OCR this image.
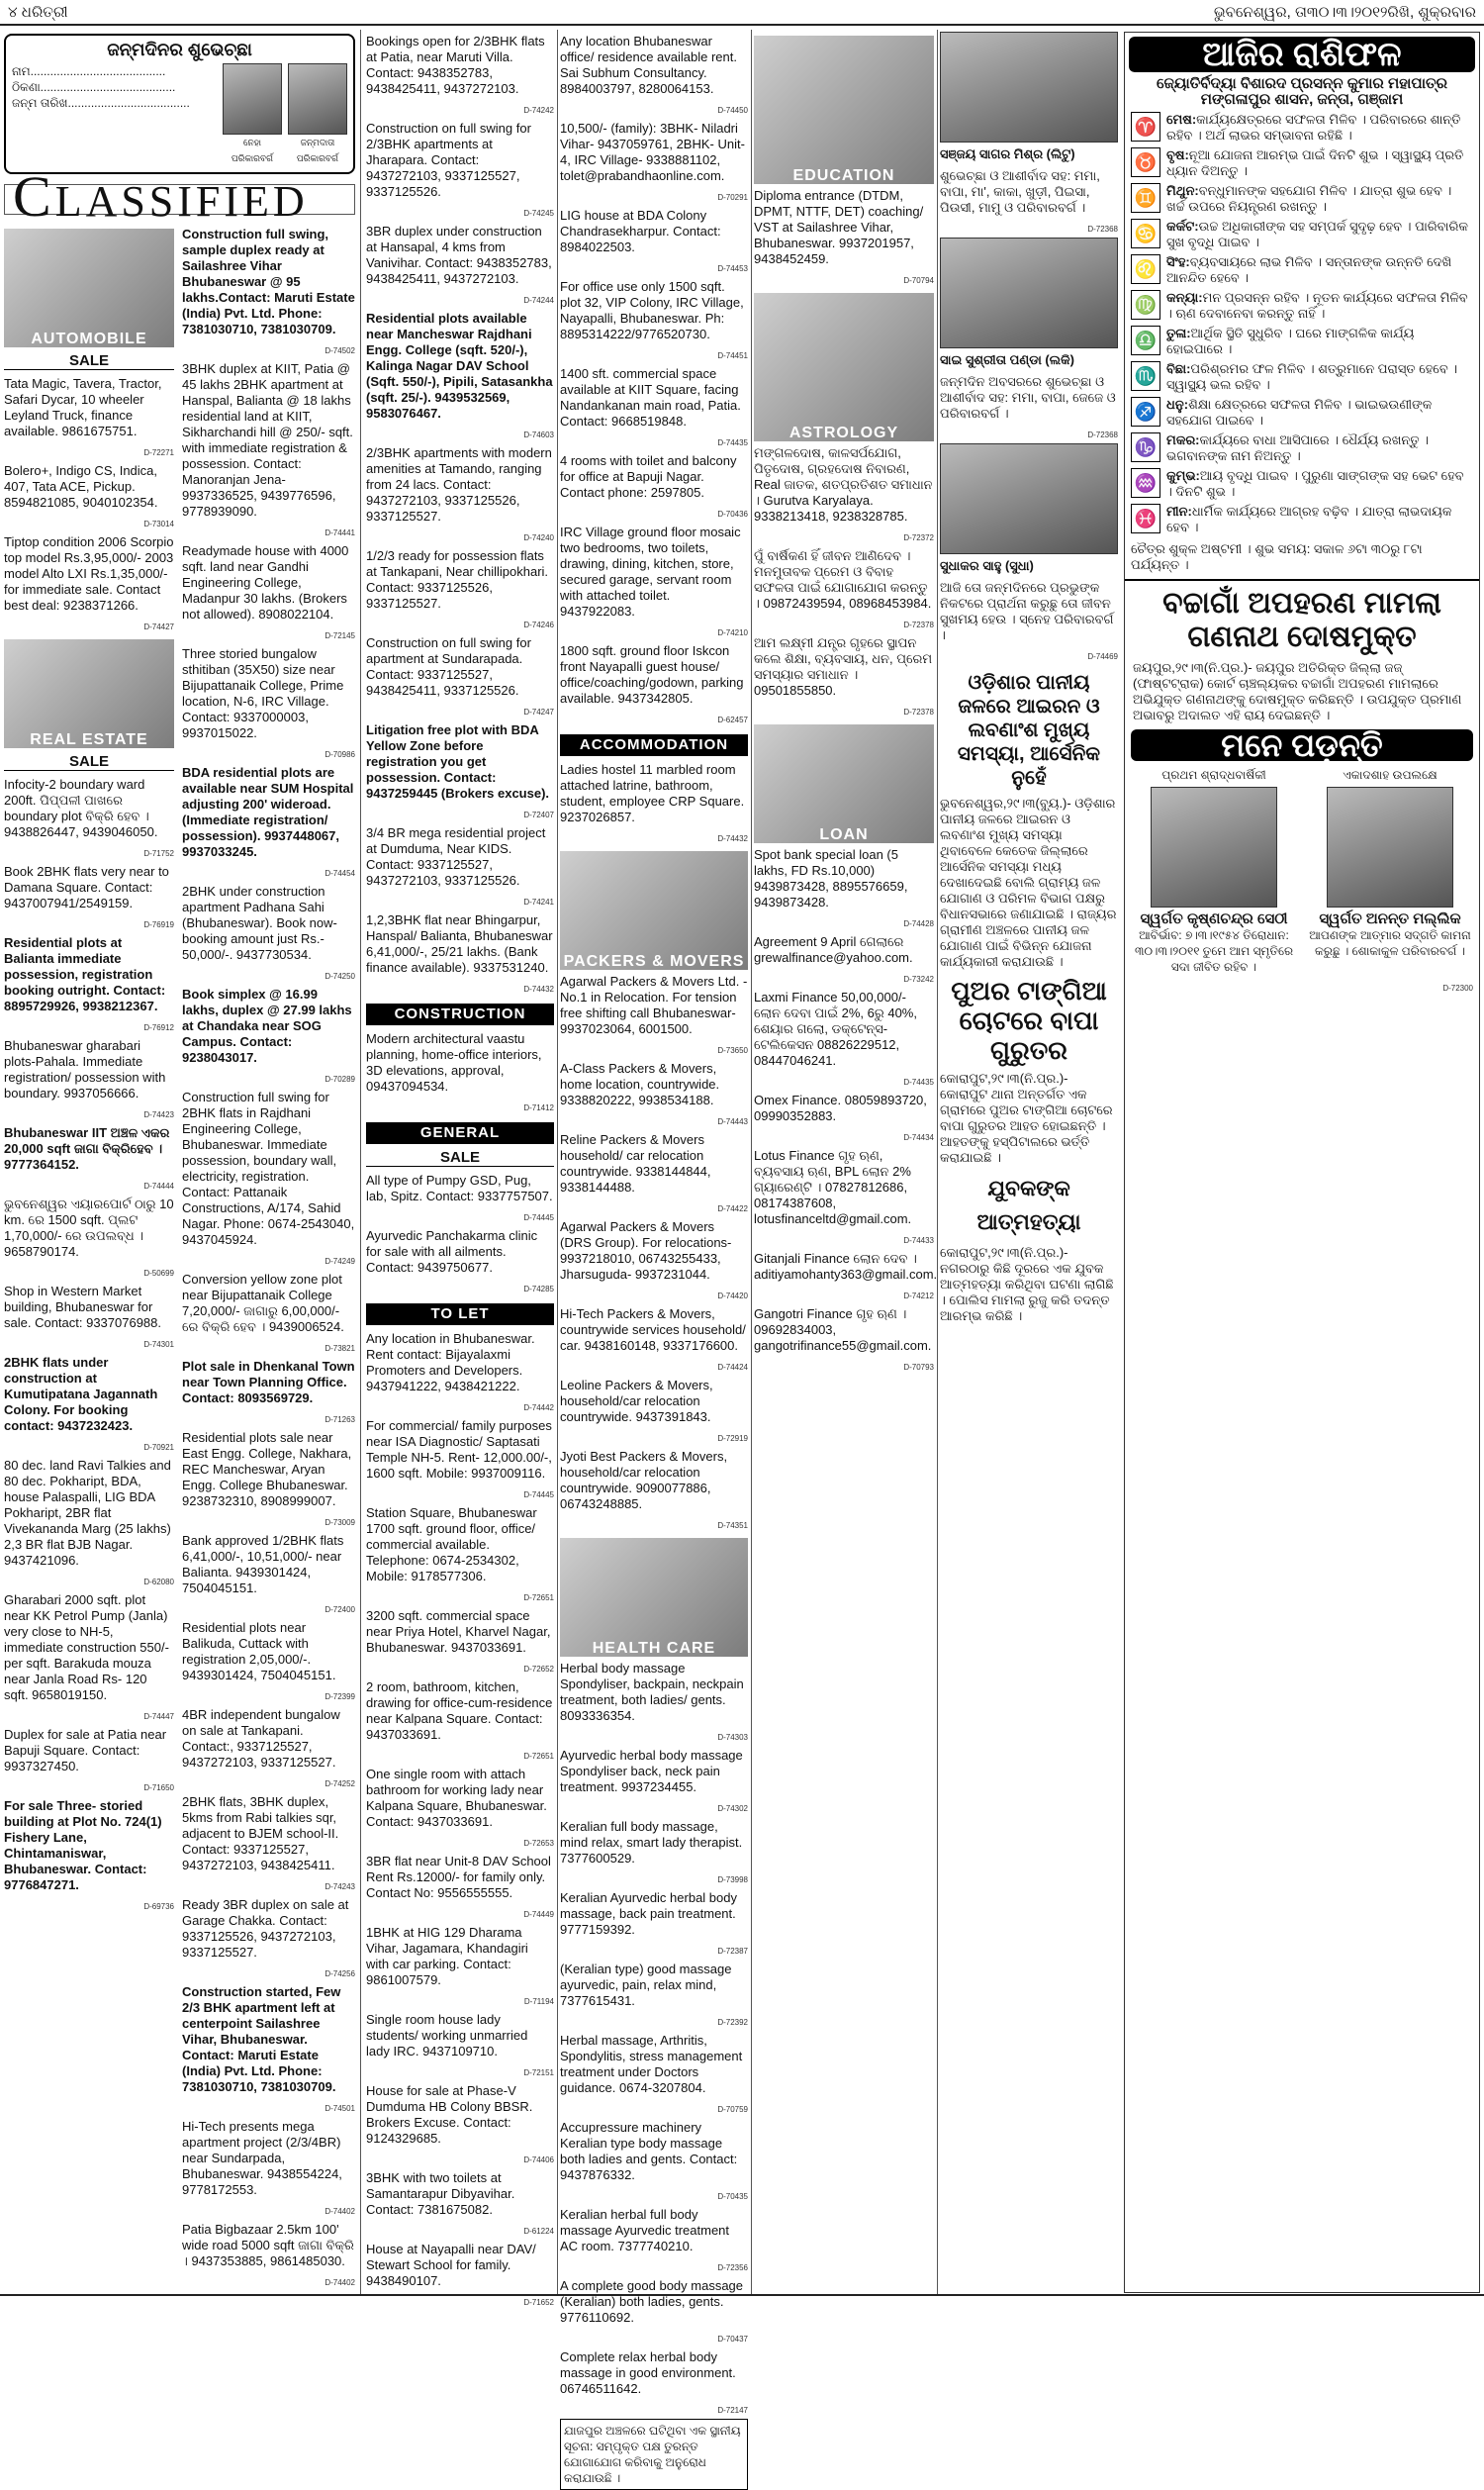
୪ ଧରିତ୍ରୀ	ଭୁବନେଶ୍ୱର, ତା୩୦।୩।୨୦୧୨ରିଖି, ଶୁକ୍ରବାର
ଜନ୍ମଦିନର ଶୁଭେଚ୍ଛା
ନାମ.........................................
ଠିକଣା.........................................
ଜନ୍ମ ତାରିଖ.....................................
ନେହା ପରିକାରବର୍ଗ
ଜନ୍ମଦାତା ପରିକାରବର୍ଗ
CLASSIFIED
AUTOMOBILE
SALE
Tata Magic, Tavera, Tractor, Safari Dycar, 10 wheeler Leyland Truck, finance available. 9861675751.
D-72271
Bolero+, Indigo CS, Indica, 407, Tata ACE, Pickup. 8594821085, 9040102354.
D-73014
Tiptop condition 2006 Scorpio top model Rs.3,95,000/- 2003 model Alto LXI Rs.1,35,000/- for immediate sale. Contact best deal: 9238371266.
D-74427
REAL ESTATE
SALE
Infocity-2 boundary ward 200ft. ପିପ୍ପଳୀ ପାଖରେ boundary plot ବିକ୍ରି ହେବ । 9438826447, 9439046050.
D-71752
Book 2BHK flats very near to Damana Square. Contact: 9437007941/2549159.
D-76919
Residential plots at Balianta immediate possession, registration booking outright. Contact: 8895729926, 9938212367.
D-76912
Bhubaneswar gharabari plots-Pahala. Immediate registration/ possession with boundary. 9937056666.
D-74423
Bhubaneswar IIT ଅଞ୍ଚଳ ଏକର 20,000 sqft ଜାଗା ବିକ୍ରିହେବ । 9777364152.
D-74444
ଭୁବନେଶ୍ୱର ଏୟାରପୋର୍ଟ ଠାରୁ 10 km. ରେ 1500 sqft. ପ୍ଲଟ 1,70,000/- ରେ ଉପଲବ୍ଧ । 9658790174.
D-50699
Shop in Western Market building, Bhubaneswar for sale. Contact: 9337076988.
D-74301
2BHK flats under construction at Kumutipatana Jagannath Colony. For booking contact: 9437232423.
D-70921
80 dec. land Ravi Talkies and 80 dec. Pokhaript, BDA, house Palaspalli, LIG BDA Pokhaript, 2BR flat Vivekananda Marg (25 lakhs) 2,3 BR flat BJB Nagar. 9437421096.
D-62080
Gharabari 2000 sqft. plot near KK Petrol Pump (Janla) very close to NH-5, immediate construction 550/- per sqft. Barakuda mouza near Janla Road Rs- 120 sqft. 9658019150.
D-74447
Duplex for sale at Patia near Bapuji Square. Contact: 9937327450.
D-71650
For sale Three- storied building at Plot No. 724(1) Fishery Lane, Chintamaniswar, Bhubaneswar. Contact: 9776847271.
D-69736
Construction full swing, sample duplex ready at Sailashree Vihar Bhubaneswar @ 95 lakhs.Contact: Maruti Estate (India) Pvt. Ltd. Phone: 7381030710, 7381030709.
D-74502
3BHK duplex at KIIT, Patia @ 45 lakhs 2BHK apartment at Hanspal, Balianta @ 18 lakhs residential land at KIIT, Sikharchandi hill @ 250/- sqft. with immediate registration & possession. Contact: Manoranjan Jena- 9937336525, 9439776596, 9778939090.
D-74441
Readymade house with 4000 sqft. land near Gandhi Engineering College, Madanpur 30 lakhs. (Brokers not allowed). 8908022104.
D-72145
Three storied bungalow sthitiban (35X50) size near Bijupattanaik College, Prime location, N-6, IRC Village. Contact: 9337000003, 9937015022.
D-70986
BDA residential plots are available near SUM Hospital adjusting 200' wideroad. (Immediate registration/ possession). 9937448067, 9937033245.
D-74454
2BHK under construction apartment Padhana Sahi (Bhubaneswar). Book now- booking amount just Rs.- 50,000/-. 9437730534.
D-74250
Book simplex @ 16.99 lakhs, duplex @ 27.99 lakhs at Chandaka near SOG Campus. Contact: 9238043017.
D-70289
Construction full swing for 2BHK flats in Rajdhani Engineering College, Bhubaneswar. Immediate possession, boundary wall, electricity, registration. Contact: Pattanaik Constructions, A/174, Sahid Nagar. Phone: 0674-2543040, 9437045924.
D-74249
Conversion yellow zone plot near Bijupattanaik College 7,20,000/- ଜାଗାରୁ 6,00,000/- ରେ ବିକ୍ରି ହେବ । 9439006524.
D-73821
Plot sale in Dhenkanal Town near Town Planning Office. Contact: 8093569729.
D-71263
Residential plots sale near East Engg. College, Nakhara, REC Mancheswar, Aryan Engg. College Bhubaneswar. 9238732310, 8908999007.
D-73009
Bank approved 1/2BHK flats 6,41,000/-, 10,51,000/- near Balianta. 9439301424, 7504045151.
D-72400
Residential plots near Balikuda, Cuttack with registration 2,05,000/-. 9439301424, 7504045151.
D-72399
4BR independent bungalow on sale at Tankapani. Contact:, 9337125527, 9437272103, 9337125527.
D-74252
2BHK flats, 3BHK duplex, 5kms from Rabi talkies sqr, adjacent to BJEM school-II. Contact: 9337125527, 9437272103, 9438425411.
D-74243
Ready 3BR duplex on sale at Garage Chakka. Contact: 9337125526, 9437272103, 9337125527.
D-74256
Construction started, Few 2/3 BHK apartment left at centerpoint Sailashree Vihar, Bhubaneswar. Contact: Maruti Estate (India) Pvt. Ltd. Phone: 7381030710, 7381030709.
D-74501
Hi-Tech presents mega apartment project (2/3/4BR) near Sundarpada, Bhubaneswar. 9438554224, 9778172553.
D-74402
Patia Bigbazaar 2.5km 100' wide road 5000 sqft ଜାଗା ବିକ୍ରି । 9437353885, 9861485030.
D-74402
Bookings open for 2/3BHK flats at Patia, near Maruti Villa. Contact: 9438352783, 9438425411, 9437272103.
D-74242
Construction on full swing for 2/3BHK apartments at Jharapara. Contact: 9437272103, 9337125527, 9337125526.
D-74245
3BR duplex under construction at Hansapal, 4 kms from Vanivihar. Contact: 9438352783, 9438425411, 9437272103.
D-74244
Residential plots available near Mancheswar Rajdhani Engg. College (sqft. 520/-), Kalinga Nagar DAV School (Sqft. 550/-), Pipili, Satasankha (sqft. 25/-). 9439532569, 9583076467.
D-74603
2/3BHK apartments with modern amenities at Tamando, ranging from 24 lacs. Contact: 9437272103, 9337125526, 9337125527.
D-74240
1/2/3 ready for possession flats at Tankapani, Near chillipokhari. Contact: 9337125526, 9337125527.
D-74246
Construction on full swing for apartment at Sundarapada. Contact: 9337125527, 9438425411, 9337125526.
D-74247
Litigation free plot with BDA Yellow Zone before registration you get possession. Contact: 9437259445 (Brokers excuse).
D-72407
3/4 BR mega residential project at Dumduma, Near KIDS. Contact: 9337125527, 9437272103, 9337125526.
D-74241
1,2,3BHK flat near Bhingarpur, Hanspal/ Balianta, Bhubaneswar 6,41,000/-, 25/21 lakhs. (Bank finance available). 9337531240.
D-74432
CONSTRUCTION
Modern architectural vaastu planning, home-office interiors, 3D elevations, approval, 09437094534.
D-71412
GENERAL
SALE
All type of Pumpy GSD, Pug, lab, Spitz. Contact: 9337757507.
D-74445
Ayurvedic Panchakarma clinic for sale with all ailments. Contact: 9439750677.
D-74285
TO LET
Any location in Bhubaneswar. Rent contact: Bijayalaxmi Promoters and Developers. 9437941222, 9438421222.
D-74442
For commercial/ family purposes near ISA Diagnostic/ Saptasati Temple NH-5. Rent- 12,000.00/-, 1600 sqft. Mobile: 9937009116.
D-74445
Station Square, Bhubaneswar 1700 sqft. ground floor, office/ commercial available. Telephone: 0674-2534302, Mobile: 9178577306.
D-72651
3200 sqft. commercial space near Priya Hotel, Kharvel Nagar, Bhubaneswar. 9437033691.
D-72652
2 room, bathroom, kitchen, drawing for office-cum-residence near Kalpana Square. Contact: 9437033691.
D-72651
One single room with attach bathroom for working lady near Kalpana Square, Bhubaneswar. Contact: 9437033691.
D-72653
3BR flat near Unit-8 DAV School Rent Rs.12000/- for family only. Contact No: 9556555555.
D-74449
1BHK at HIG 129 Dharama Vihar, Jagamara, Khandagiri with car parking. Contact: 9861007579.
D-71194
Single room house lady students/ working unmarried lady IRC. 9437109710.
D-72151
House for sale at Phase-V Dumduma HB Colony BBSR. Brokers Excuse. Contact: 9124329685.
D-74406
3BHK with two toilets at Samantarapur Dibyavihar. Contact: 7381675082.
D-61224
House at Nayapalli near DAV/ Stewart School for family. 9438490107.
D-71652
Any location Bhubaneswar office/ residence available rent. Sai Subhum Consultancy. 8984003797, 8280064153.
D-74450
10,500/- (family): 3BHK- Niladri Vihar- 9437059761, 2BHK- Unit-4, IRC Village- 9338881102, tolet@prabandhaonline.com.
D-70291
LIG house at BDA Colony Chandrasekharpur. Contact: 8984022503.
D-74453
For office use only 1500 sqft. plot 32, VIP Colony, IRC Village, Nayapalli, Bhubaneswar. Ph: 8895314222/9776520730.
D-74451
1400 sft. commercial space available at KIIT Square, facing Nandankanan main road, Patia. Contact: 9668519848.
D-74435
4 rooms with toilet and balcony for office at Bapuji Nagar. Contact phone: 2597805.
D-70436
IRC Village ground floor mosaic two bedrooms, two toilets, drawing, dining, kitchen, store, secured garage, servant room with attached toilet. 9437922083.
D-74210
1800 sqft. ground floor Iskcon front Nayapalli guest house/ office/coaching/godown, parking available. 9437342805.
D-62457
ACCOMMODATION
Ladies hostel 11 marbled room attached latrine, bathroom, student, employee CRP Square. 9237026857.
D-74432
PACKERS & MOVERS
Agarwal Packers & Movers Ltd. - No.1 in Relocation. For tension free shifting call Bhubaneswar- 9937023064, 6001500.
D-73650
A-Class Packers & Movers, home location, countrywide. 9338820222, 9938534188.
D-74443
Reline Packers & Movers household/ car relocation countrywide. 9338144844, 9338144488.
D-74422
Agarwal Packers & Movers (DRS Group). For relocations- 9937218010, 06743255433, Jharsuguda- 9937231044.
D-74420
Hi-Tech Packers & Movers, countrywide services household/ car. 9438160148, 9337176600.
D-74424
Leoline Packers & Movers, household/car relocation countrywide. 9437391843.
D-72919
Jyoti Best Packers & Movers, household/car relocation countrywide. 9090077886, 06743248885.
D-74351
HEALTH CARE
Herbal body massage Spondyliser, backpain, neckpain treatment, both ladies/ gents. 8093336354.
D-74303
Ayurvedic herbal body massage Spondyliser back, neck pain treatment. 9937234455.
D-74302
Keralian full body massage, mind relax, smart lady therapist. 7377600529.
D-73998
Keralian Ayurvedic herbal body massage, back pain treatment. 9777159392.
D-72387
(Keralian type) good massage ayurvedic, pain, relax mind, 7377615431.
D-72392
Herbal massage, Arthritis, Spondylitis, stress management treatment under Doctors guidance. 0674-3207804.
D-70759
Accupressure machinery Keralian type body massage both ladies and gents. Contact: 9437876332.
D-70435
Keralian herbal full body massage Ayurvedic treatment AC room. 7377740210.
D-72356
A complete good body massage (Keralian) both ladies, gents. 9776110692.
D-70437
Complete relax herbal body massage in good environment. 06746511642.
D-72147
ଯାଜପୁର ଅଞ୍ଚଳରେ ଘଟିଥିବା ଏକ ସ୍ଥାନୀୟ ସୂଚନା: ସମ୍ପୃକ୍ତ ପକ୍ଷ ତୁରନ୍ତ ଯୋଗାଯୋଗ କରିବାକୁ ଅନୁରୋଧ କରାଯାଉଛି ।
EDUCATION
Diploma entrance (DTDM, DPMT, NTTF, DET) coaching/ VST at Sailashree Vihar, Bhubaneswar. 9937201957, 9438452459.
D-70794
ASTROLOGY
ମଙ୍ଗଳଦୋଷ, କାଳସର୍ପଯୋଗ, ପିତୃଦୋଷ, ଗ୍ରହଦୋଷ ନିବାରଣ, Real ଜାତକ, ଶତପ୍ରତିଶତ ସମାଧାନ । Gurutva Karyalaya. 9338213418, 9238328785.
D-72372
ପୁଁ ବାର୍ଷିକଣ ହିଁ ଜୀବନ ଆଣିଦେବ । ମନମୁତାବକ ପ୍ରେମ ଓ ବିବାହ ସଫଳତା ପାଇଁ ଯୋଗାଯୋଗ କରନ୍ତୁ । 09872439594, 08968453984.
D-72378
ଆମ ଲକ୍ଷ୍ମୀ ଯନ୍ତ୍ର ଗୃହରେ ସ୍ଥାପନ କଲେ ଶିକ୍ଷା, ବ୍ୟବସାୟ, ଧନ, ପ୍ରେମ ସମସ୍ୟାର ସମାଧାନ । 09501855850.
D-72378
LOAN
Spot bank special loan (5 lakhs, FD Rs.10,000) 9439873428, 8895576659, 9439873428.
D-74428
Agreement 9 April ଗେଲାରେ grewalfinance@yahoo.com.
D-73242
Laxmi Finance 50,00,000/- ଲୋନ ଦେବା ପାଇଁ 2%, 6ରୁ 40%, ଶେୟାର ଗଲୋ, ଡକ୍ଟେନ୍ସ- ଟେଲିକେସନ 08826229512, 08447046241.
D-74435
Omex Finance. 08059893720, 09990352883.
D-74434
Lotus Finance ଗୃହ ଋଣ, ବ୍ୟବସାୟ ଋଣ, BPL ଲୋନ 2% ଗ୍ୟାରେଣ୍ଟି । 07827812686, 08174387608, lotusfinanceltd@gmail.com.
D-74433
Gitanjali Finance ଲୋନ ଦେବ । aditiyamohanty363@gmail.com.
D-74212
Gangotri Finance ଗୃହ ଋଣ । 09692834003, gangotrifinance55@gmail.com.
D-70793
ସଞ୍ଜୟ ସାଗର ମିଶ୍ର (ଲିଟୁ)
ଶୁଭେଚ୍ଛା ଓ ଆଶୀର୍ବାଦ ସହ: ମମା, ବାପା, ମା', କାକା, ଖୁଡ଼ୀ, ପିଇସା, ପିଉସୀ, ମାମୁ ଓ ପରିବାରବର୍ଗ ।
D-72368
ସାଇ ସୁଶ୍ରୀତା ପଣ୍ଡା (ଲକି)
ଜନ୍ମଦିନ ଅବସରରେ ଶୁଭେଚ୍ଛା ଓ ଆଶୀର୍ବାଦ ସହ: ମମା, ବାପା, ଜେଜେ ଓ ପରିବାରବର୍ଗ ।
D-72368
ସୁଧାକର ସାହୁ (ସୁଧା)
ଆଜି ତୋ ଜନ୍ମଦିନରେ ପ୍ରଭୁଙ୍କ ନିକଟରେ ପ୍ରାର୍ଥନା କରୁଛୁ ତୋ ଜୀବନ ସୁଖମୟ ହେଉ । ସ୍ନେହ ପରିବାରବର୍ଗ ।
D-74469
ଓଡ଼ିଶାର ପାନୀୟ ଜଳରେ ଆଇରନ ଓ ଲବଣାଂଶ ମୁଖ୍ୟ ସମସ୍ୟା, ଆର୍ସେନିକ ନୁହେଁ
ଭୁବନେଶ୍ୱର,୨୯।୩(ବ୍ୟୁ.)- ଓଡ଼ିଶାର ପାନୀୟ ଜଳରେ ଆଇରନ ଓ ଲବଣାଂଶ ମୁଖ୍ୟ ସମସ୍ୟା ଥିବାବେଳେ କେତେକ ଜିଲ୍ଲାରେ ଆର୍ସେନିକ ସମସ୍ୟା ମଧ୍ୟ ଦେଖାଦେଇଛି ବୋଲି ଗ୍ରାମ୍ୟ ଜଳ ଯୋଗାଣ ଓ ପରିମଳ ବିଭାଗ ପକ୍ଷରୁ ବିଧାନସଭାରେ ଜଣାଯାଇଛି । ରାଜ୍ୟର ଗ୍ରାମୀଣ ଅଞ୍ଚଳରେ ପାନୀୟ ଜଳ ଯୋଗାଣ ପାଇଁ ବିଭିନ୍ନ ଯୋଜନା କାର୍ଯ୍ୟକାରୀ କରାଯାଉଛି ।
ପୁଅର ଟାଙ୍ଗିଆ ଚୋଟରେ ବାପା ଗୁରୁତର
କୋରାପୁଟ,୨୯।୩(ନି.ପ୍ର.)- କୋରାପୁଟ ଥାନା ଅନ୍ତର୍ଗତ ଏକ ଗ୍ରାମରେ ପୁଅର ଟାଙ୍ଗିଆ ଚୋଟରେ ବାପା ଗୁରୁତର ଆହତ ହୋଇଛନ୍ତି । ଆହତଙ୍କୁ ହସ୍ପିଟାଲରେ ଭର୍ତ୍ତି କରାଯାଇଛି ।
ଯୁବକଙ୍କ ଆତ୍ମହତ୍ୟା
କୋରାପୁଟ,୨୯।୩(ନି.ପ୍ର.)- ନଗରଠାରୁ କିଛି ଦୂରରେ ଏକ ଯୁବକ ଆତ୍ମହତ୍ୟା କରିଥିବା ଘଟଣା ଲାଗିଛି । ପୋଲିସ ମାମଲା ରୁଜୁ କରି ତଦନ୍ତ ଆରମ୍ଭ କରିଛି ।
ଆଜିର ରାଶିଫଳ
ଜ୍ୟୋତିର୍ବିଦ୍ୟା ବିଶାରଦ ପ୍ରସନ୍ନ କୁମାର ମହାପାତ୍ର ମଙ୍ଗଳାପୁର ଶାସନ, ଜନ୍ତା, ଗଞ୍ଜାମ
♈ ମେଷ:କାର୍ଯ୍ୟକ୍ଷେତ୍ରରେ ସଫଳତା ମିଳିବ । ପରିବାରରେ ଶାନ୍ତି ରହିବ । ଅର୍ଥ ଲାଭର ସମ୍ଭାବନା ରହିଛି ।
♉ ବୃଷ:ନୂଆ ଯୋଜନା ଆରମ୍ଭ ପାଇଁ ଦିନଟି ଶୁଭ । ସ୍ୱାସ୍ଥ୍ୟ ପ୍ରତି ଧ୍ୟାନ ଦିଅନ୍ତୁ ।
♊ ମିଥୁନ:ବନ୍ଧୁମାନଙ୍କ ସହଯୋଗ ମିଳିବ । ଯାତ୍ରା ଶୁଭ ହେବ । ଖର୍ଚ୍ଚ ଉପରେ ନିୟନ୍ତ୍ରଣ ରଖନ୍ତୁ ।
♋ କର୍କଟ:ଉଚ୍ଚ ଅଧିକାରୀଙ୍କ ସହ ସମ୍ପର୍କ ସୁଦୃଢ଼ ହେବ । ପାରିବାରିକ ସୁଖ ବୃଦ୍ଧି ପାଇବ ।
♌ ସିଂହ:ବ୍ୟବସାୟରେ ଲାଭ ମିଳିବ । ସନ୍ତାନଙ୍କ ଉନ୍ନତି ଦେଖି ଆନନ୍ଦିତ ହେବେ ।
♍ କନ୍ୟା:ମନ ପ୍ରସନ୍ନ ରହିବ । ନୂତନ କାର୍ଯ୍ୟରେ ସଫଳତା ମିଳିବ । ଋଣ ଦେବାନେବା କରନ୍ତୁ ନାହିଁ ।
♎ ତୁଳା:ଆର୍ଥିକ ସ୍ଥିତି ସୁଧୁରିବ । ଘରେ ମାଙ୍ଗଳିକ କାର୍ଯ୍ୟ ହୋଇପାରେ ।
♏ ବିଛା:ପରିଶ୍ରମର ଫଳ ମିଳିବ । ଶତ୍ରୁମାନେ ପରାସ୍ତ ହେବେ । ସ୍ୱାସ୍ଥ୍ୟ ଭଲ ରହିବ ।
♐ ଧନୁ:ଶିକ୍ଷା କ୍ଷେତ୍ରରେ ସଫଳତା ମିଳିବ । ଭାଇଭଉଣୀଙ୍କ ସହଯୋଗ ପାଇବେ ।
♑ ମକର:କାର୍ଯ୍ୟରେ ବାଧା ଆସିପାରେ । ଧୈର୍ଯ୍ୟ ରଖନ୍ତୁ । ଭଗବାନଙ୍କ ନାମ ନିଅନ୍ତୁ ।
♒ କୁମ୍ଭ:ଆୟ ବୃଦ୍ଧି ପାଇବ । ପୁରୁଣା ସାଙ୍ଗଙ୍କ ସହ ଭେଟ ହେବ । ଦିନଟି ଶୁଭ ।
♓ ମୀନ:ଧାର୍ମିକ କାର୍ଯ୍ୟରେ ଆଗ୍ରହ ବଢ଼ିବ । ଯାତ୍ରା ଲାଭଦାୟକ ହେବ ।
ଚୈତ୍ର ଶୁକ୍ଳ ଅଷ୍ଟମୀ । ଶୁଭ ସମୟ: ସକାଳ ୬ଟା ୩୦ରୁ ୮ଟା ପର୍ଯ୍ୟନ୍ତ ।
ବଚ୍ଚାଗାଁ ଅପହରଣ ମାମଲା ଗଣନାଥ ଦୋଷମୁକ୍ତ
ଜୟପୁର,୨୯।୩(ନି.ପ୍ର.)- ଜୟପୁର ଅତିରିକ୍ତ ଜିଲ୍ଲା ଜଜ୍ (ଫାଷ୍ଟଟ୍ରାକ) କୋର୍ଟ ଚାଞ୍ଚଲ୍ୟକର ବଚ୍ଚାଗାଁ ଅପହରଣ ମାମଲାରେ ଅଭିଯୁକ୍ତ ଗଣନାଥଙ୍କୁ ଦୋଷମୁକ୍ତ କରିଛନ୍ତି । ଉପଯୁକ୍ତ ପ୍ରମାଣ ଅଭାବରୁ ଅଦାଲତ ଏହି ରାୟ ଦେଇଛନ୍ତି ।
ମନେ ପଡ଼ନ୍ତି
ପ୍ରଥମ ଶ୍ରାଦ୍ଧବାର୍ଷିକୀ
ସ୍ୱର୍ଗତ କୃଷ୍ଣଚନ୍ଦ୍ର ସେଠୀ
ଆବିର୍ଭାବ: ୭।୩।୧୯୫୪ ତିରୋଧାନ: ୩୦।୩।୨୦୧୧ ତୁମେ ଆମ ସ୍ମୃତିରେ ସଦା ଜୀବିତ ରହିବ ।
ଏକାଦଶାହ ଉପଲକ୍ଷେ
ସ୍ୱର୍ଗତ ଅନନ୍ତ ମଲ୍ଲିକ
ଆପଣଙ୍କ ଆତ୍ମାର ସଦ୍ଗତି କାମନା କରୁଛୁ । ଶୋକାକୁଳ ପରିବାରବର୍ଗ ।
D-72300
